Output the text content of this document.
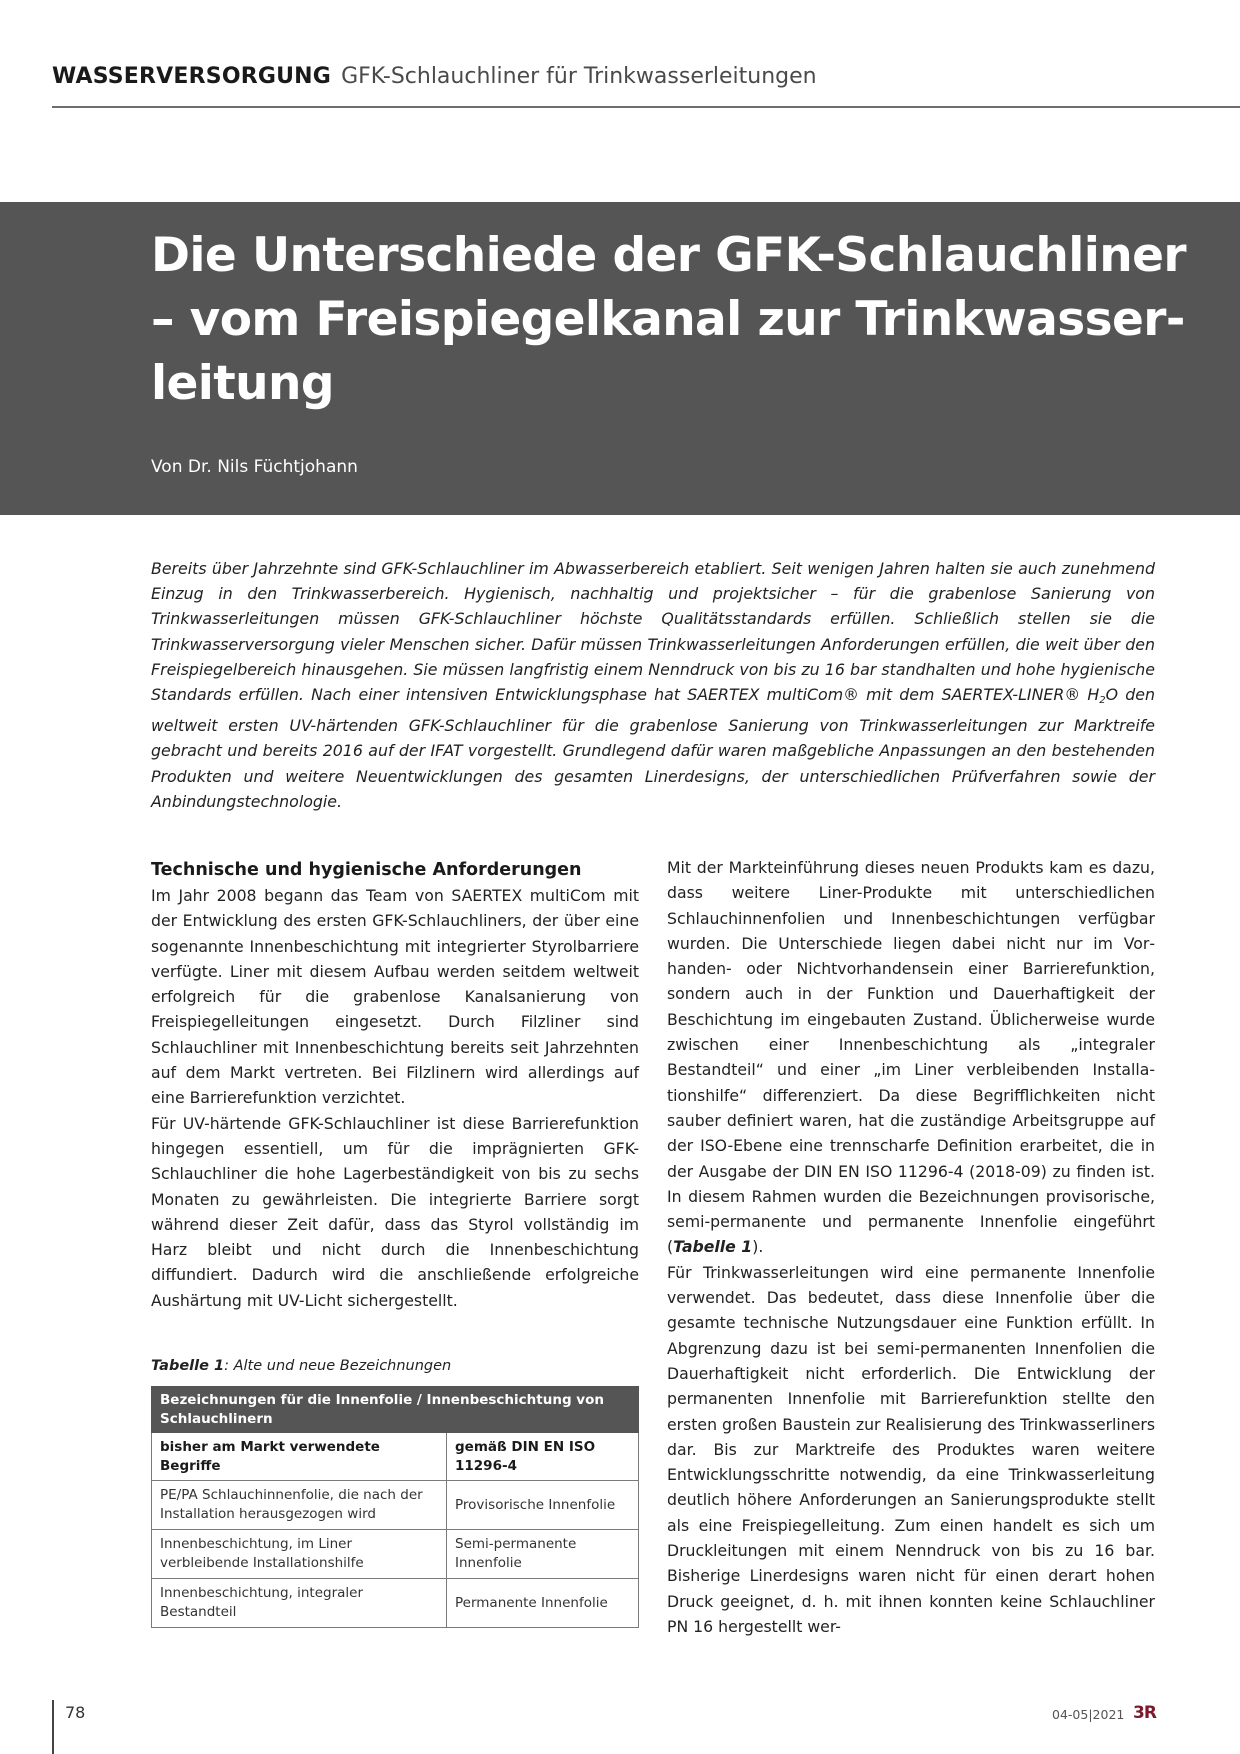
WASSERVERSORGUNG GFK-Schlauchliner für Trinkwasserleitungen
Die Unterschiede der GFK-Schlauchliner
– vom Freispiegelkanal zur Trinkwasser-
leitung
Von Dr. Nils Füchtjohann

Bereits über Jahrzehnte sind GFK-Schlauchliner im Abwasserbereich etabliert. Seit wenigen Jahren halten sie auch zunehmend Einzug in den Trinkwasserbereich. Hygienisch, nachhaltig und projektsicher – für die grabenlose Sanierung von Trinkwasserleitungen müssen GFK-Schlauchliner höchste Qualitätsstandards erfüllen. Schließlich stellen sie die Trinkwasserversorgung vieler Menschen sicher. Dafür müssen Trinkwasserleitungen Anforderungen erfüllen, die weit über den Freispiegelbereich hinausgehen. Sie müssen langfristig einem Nenndruck von bis zu 16 bar standhalten und hohe hygienische Standards erfüllen. Nach einer intensiven Entwicklungsphase hat SAERTEX multiCom® mit dem SAERTEX-LINER® $H_2O$ den weltweit ersten UV-härtenden GFK-Schlauchliner für die grabenlose Sanierung von Trinkwasserleitungen zur Marktreife gebracht und bereits 2016 auf der IFAT vorgestellt. Grundlegend dafür waren maßgebliche Anpassungen an den bestehenden Produkten und weitere Neuentwicklungen des gesamten Linerdesigns, der unterschiedlichen Prüfverfahren sowie der Anbindungstechnologie.

Technische und hygienische Anforderungen

Im Jahr 2008 begann das Team von SAERTEX multiCom mit der Entwicklung des ersten GFK-Schlauchliners, der über eine sogenannte Innenbeschichtung mit integrierter Styrolbarriere verfügte. Liner mit diesem Aufbau werden seitdem weltweit erfolgreich für die grabenlose Kanalsanierung von Freispiegelleitungen eingesetzt. Durch Filzliner sind Schlauchliner mit Innenbeschichtung bereits seit Jahrzehnten auf dem Markt vertreten. Bei Filzlinern wird allerdings auf eine Barrierefunktion verzichtet.

Für UV-härtende GFK-Schlauchliner ist diese Barrierefunktion hingegen essentiell, um für die imprägnierten GFK-Schlauchliner die hohe Lagerbeständigkeit von bis zu sechs Monaten zu gewährleisten. Die integrierte Barriere sorgt während dieser Zeit dafür, dass das Styrol vollständig im Harz bleibt und nicht durch die Innenbeschichtung diffundiert. Dadurch wird die anschließende erfolgreiche Aushärtung mit UV-Licht sichergestellt.

Tabelle 1: Alte und neue Bezeichnungen
Bezeichnungen für die Innenfolie / Innenbeschichtung von Schlauchlinern	
bisher am Markt verwendete Begriffe	gemäß DIN EN ISO 11296-4
PE/PA Schlauchinnenfolie, die nach der Installation herausgezogen wird	Provisorische Innenfolie
Innenbeschichtung, im Liner verbleibende Installationshilfe	Semi-permanente Innenfolie
Innenbeschichtung, integraler Bestandteil	Permanente Innenfolie

Mit der Markteinführung dieses neuen Produkts kam es dazu, dass weitere Liner-Produkte mit unterschiedlichen Schlauchinnenfolien und Innenbeschichtungen verfügbar wurden. Die Unterschiede liegen dabei nicht nur im Vorhanden- oder Nichtvorhandensein einer Barrierefunktion, sondern auch in der Funktion und Dauerhaftigkeit der Beschichtung im eingebauten Zustand. Üblicherweise wurde zwischen einer Innenbeschichtung als „integraler Bestandteil“ und einer „im Liner verbleibenden Installationshilfe“ differenziert. Da diese Begrifflichkeiten nicht sauber definiert waren, hat die zuständige Arbeitsgruppe auf der ISO-Ebene eine trennscharfe Definition erarbeitet, die in der Ausgabe der DIN EN ISO 11296-4 (2018-09) zu finden ist. In diesem Rahmen wurden die Bezeichnungen provisorische, semi-permanente und permanente Innenfolie eingeführt (Tabelle 1).

Für Trinkwasserleitungen wird eine permanente Innenfolie verwendet. Das bedeutet, dass diese Innenfolie über die gesamte technische Nutzungsdauer eine Funktion erfüllt. In Abgrenzung dazu ist bei semi-permanenten Innenfolien die Dauerhaftigkeit nicht erforderlich. Die Entwicklung der permanenten Innenfolie mit Barrierefunktion stellte den ersten großen Baustein zur Realisierung des Trinkwasserliners dar. Bis zur Marktreife des Produktes waren weitere Entwicklungsschritte notwendig, da eine Trinkwasserleitung deutlich höhere Anforderungen an Sanierungsprodukte stellt als eine Freispiegelleitung. Zum einen handelt es sich um Druckleitungen mit einem Nenndruck von bis zu 16 bar. Bisherige Linerdesigns waren nicht für einen derart hohen Druck geeignet, d. h. mit ihnen konnten keine Schlauchliner PN 16 hergestellt wer-

78	04-05|2021 3R
